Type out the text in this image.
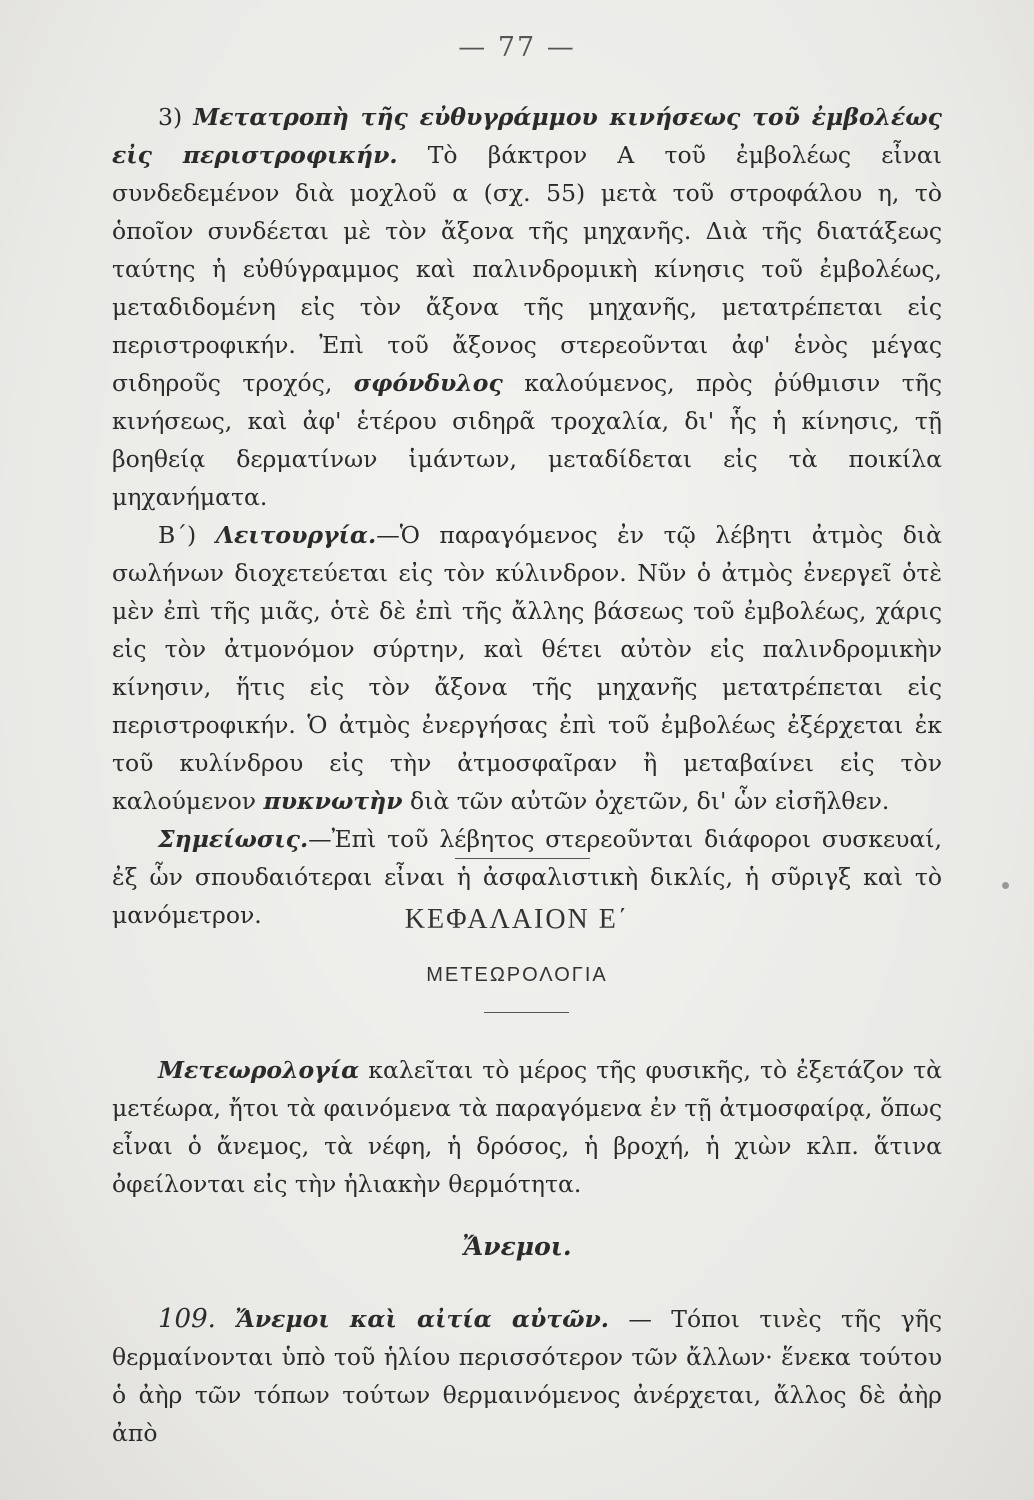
— 77 —

3) Μετατροπὴ τῆς εὐθυγράμμου κινήσεως τοῦ ἐμβολέως εἰς περιστροφικήν. Τὸ βάκτρον Α τοῦ ἐμβολέως εἶναι συνδεδεμένον διὰ μοχλοῦ α (σχ. 55) μετὰ τοῦ στροφάλου η, τὸ ὁποῖον συνδέεται μὲ τὸν ἄξονα τῆς μηχανῆς. Διὰ τῆς διατάξεως ταύτης ἡ εὐθύγραμμος καὶ παλινδρομικὴ κίνησις τοῦ ἐμβολέως, μεταδιδομένη εἰς τὸν ἄξονα τῆς μηχανῆς, μετατρέπεται εἰς περιστροφικήν. Ἐπὶ τοῦ ἄξονος στερεοῦνται ἀφ' ἑνὸς μέγας σιδηροῦς τροχός, σφόνδυλος καλούμενος, πρὸς ῥύθμισιν τῆς κινήσεως, καὶ ἀφ' ἑτέρου σιδηρᾶ τροχαλία, δι' ἧς ἡ κίνησις, τῇ βοηθείᾳ δερματίνων ἱμάντων, μεταδίδεται εἰς τὰ ποικίλα μηχανήματα.

Β΄) Λειτουργία.—Ὁ παραγόμενος ἐν τῷ λέβητι ἀτμὸς διὰ σωλήνων διοχετεύεται εἰς τὸν κύλινδρον. Νῦν ὁ ἀτμὸς ἐνεργεῖ ὁτὲ μὲν ἐπὶ τῆς μιᾶς, ὁτὲ δὲ ἐπὶ τῆς ἄλλης βάσεως τοῦ ἐμβολέως, χάρις εἰς τὸν ἀτμονόμον σύρτην, καὶ θέτει αὐτὸν εἰς παλινδρομικὴν κίνησιν, ἥτις εἰς τὸν ἄξονα τῆς μηχανῆς μετατρέπεται εἰς περιστροφικήν. Ὁ ἀτμὸς ἐνεργήσας ἐπὶ τοῦ ἐμβολέως ἐξέρχεται ἐκ τοῦ κυλίνδρου εἰς τὴν ἀτμοσφαῖραν ἢ μεταβαίνει εἰς τὸν καλούμενον πυκνωτὴν διὰ τῶν αὐτῶν ὀχετῶν, δι' ὧν εἰσῆλθεν.

Σημείωσις.—Ἐπὶ τοῦ λέβητος στερεοῦνται διάφοροι συσκευαί, ἐξ ὧν σπουδαιότεραι εἶναι ἡ ἀσφαλιστικὴ δικλίς, ἡ σῦριγξ καὶ τὸ μανόμετρον.	ΚΕΦΑΛΑΙΟΝ Ε΄
ΜΕΤΕΩΡΟΛΟΓΙΑ

Μετεωρολογία καλεῖται τὸ μέρος τῆς φυσικῆς, τὸ ἐξετάζον τὰ μετέωρα, ἤτοι τὰ φαινόμενα τὰ παραγόμενα ἐν τῇ ἀτμοσφαίρᾳ, ὅπως εἶναι ὁ ἄνεμος, τὰ νέφη, ἡ δρόσος, ἡ βροχή, ἡ χιὼν κλπ. ἅτινα ὀφείλονται εἰς τὴν ἡλιακὴν θερμότητα.

Ἄνεμοι.

109. Ἄνεμοι καὶ αἰτία αὐτῶν. — Τόποι τινὲς τῆς γῆς θερμαίνονται ὑπὸ τοῦ ἡλίου περισσότερον τῶν ἄλλων· ἕνεκα τούτου ὁ ἀὴρ τῶν τόπων τούτων θερμαινόμενος ἀνέρχεται, ἄλλος δὲ ἀὴρ ἀπὸ
